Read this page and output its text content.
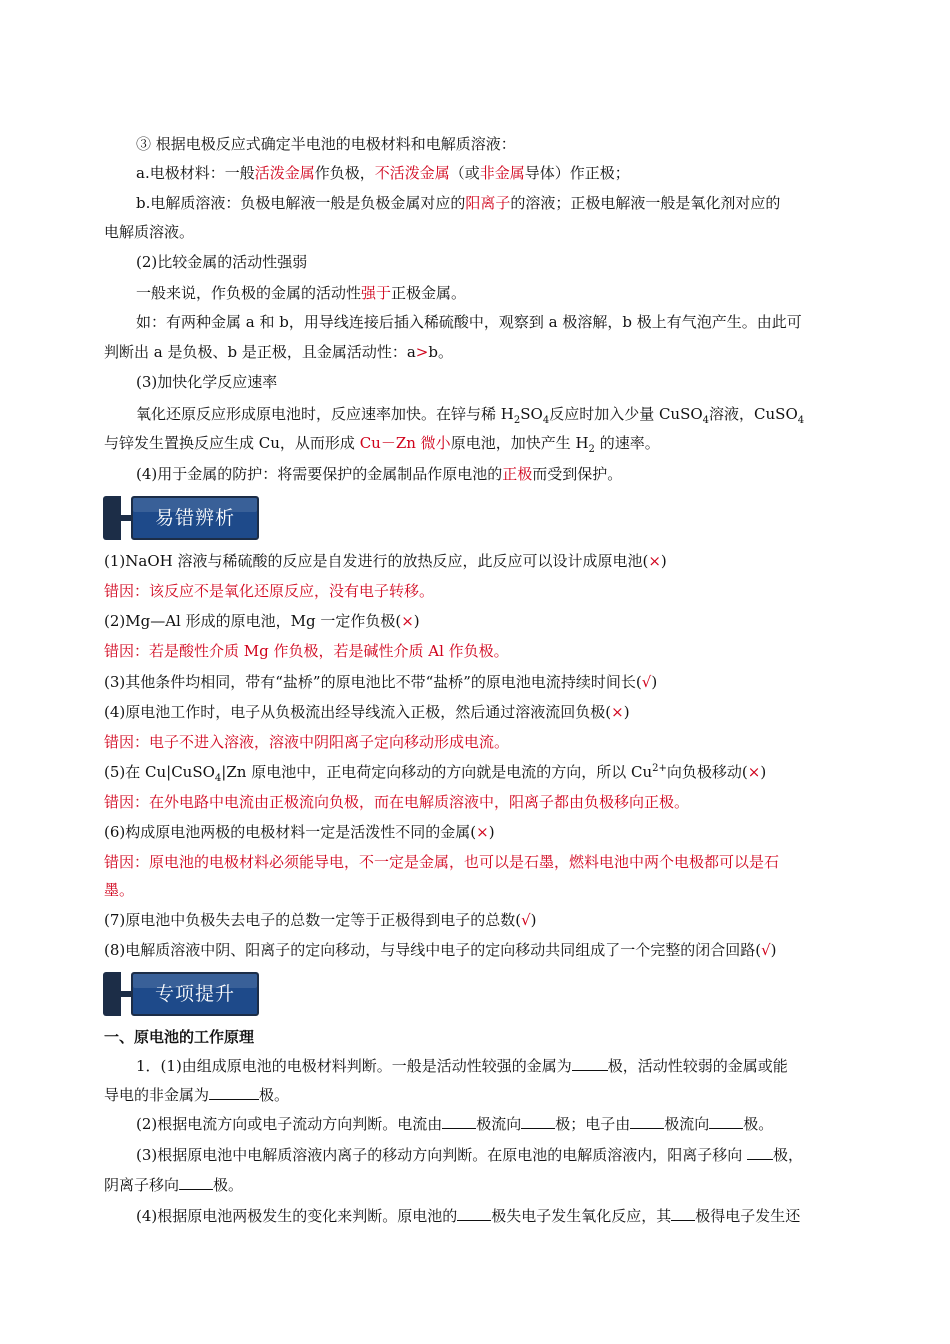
③ 根据电极反应式确定半电池的电极材料和电解质溶液：
a.电极材料：一般活泼金属作负极，不活泼金属（或非金属导体）作正极；
b.电解质溶液：负极电解液一般是负极金属对应的阳离子的溶液；正极电解液一般是氧化剂对应的
电解质溶液。
(2)比较金属的活动性强弱
一般来说，作负极的金属的活动性强于正极金属。
如：有两种金属 a 和 b，用导线连接后插入稀硫酸中，观察到 a 极溶解，b 极上有气泡产生。由此可
判断出 a 是负极、b 是正极，且金属活动性：a>b。
(3)加快化学反应速率
氧化还原反应形成原电池时，反应速率加快。在锌与稀 $H_2SO_4$反应时加入少量 CuSO$_4$溶液，CuSO$_4$
与锌发生置换反应生成 Cu，从而形成 Cu－Zn 微小原电池，加快产生 $H_2$ 的速率。
(4)用于金属的防护：将需要保护的金属制品作原电池的正极而受到保护。
易错辨析
(1)NaOH 溶液与稀硫酸的反应是自发进行的放热反应，此反应可以设计成原电池(×)
错因：该反应不是氧化还原反应，没有电子转移。
(2)Mg—Al 形成的原电池，Mg 一定作负极(×)
错因：若是酸性介质 Mg 作负极，若是碱性介质 Al 作负极。
(3)其他条件均相同，带有“盐桥”的原电池比不带“盐桥”的原电池电流持续时间长(√)
(4)原电池工作时，电子从负极流出经导线流入正极，然后通过溶液流回负极(×)
错因：电子不进入溶液，溶液中阴阳离子定向移动形成电流。
(5)在 Cu|CuSO$_4$|Zn 原电池中，正电荷定向移动的方向就是电流的方向，所以 $Cu^{2+}$向负极移动(×)
错因：在外电路中电流由正极流向负极，而在电解质溶液中，阳离子都由负极移向正极。
(6)构成原电池两极的电极材料一定是活泼性不同的金属(×)
错因：原电池的电极材料必须能导电，不一定是金属，也可以是石墨，燃料电池中两个电极都可以是石
墨。
(7)原电池中负极失去电子的总数一定等于正极得到电子的总数(√)
(8)电解质溶液中阴、阳离子的定向移动，与导线中电子的定向移动共同组成了一个完整的闭合回路(√)
专项提升
一、原电池的工作原理
1．(1)由组成原电池的电极材料判断。一般是活动性较强的金属为 极，活动性较弱的金属或能
导电的非金属为	极。
(2)根据电流方向或电子流动方向判断。电流由 极流向 极；电子由 极流向 极。
(3)根据原电池中电解质溶液内离子的移动方向判断。在原电池的电解质溶液内，阳离子移向 极，
阴离子移向 极。
(4)根据原电池两极发生的变化来判断。原电池的 极失电子发生氧化反应，其 极得电子发生还
